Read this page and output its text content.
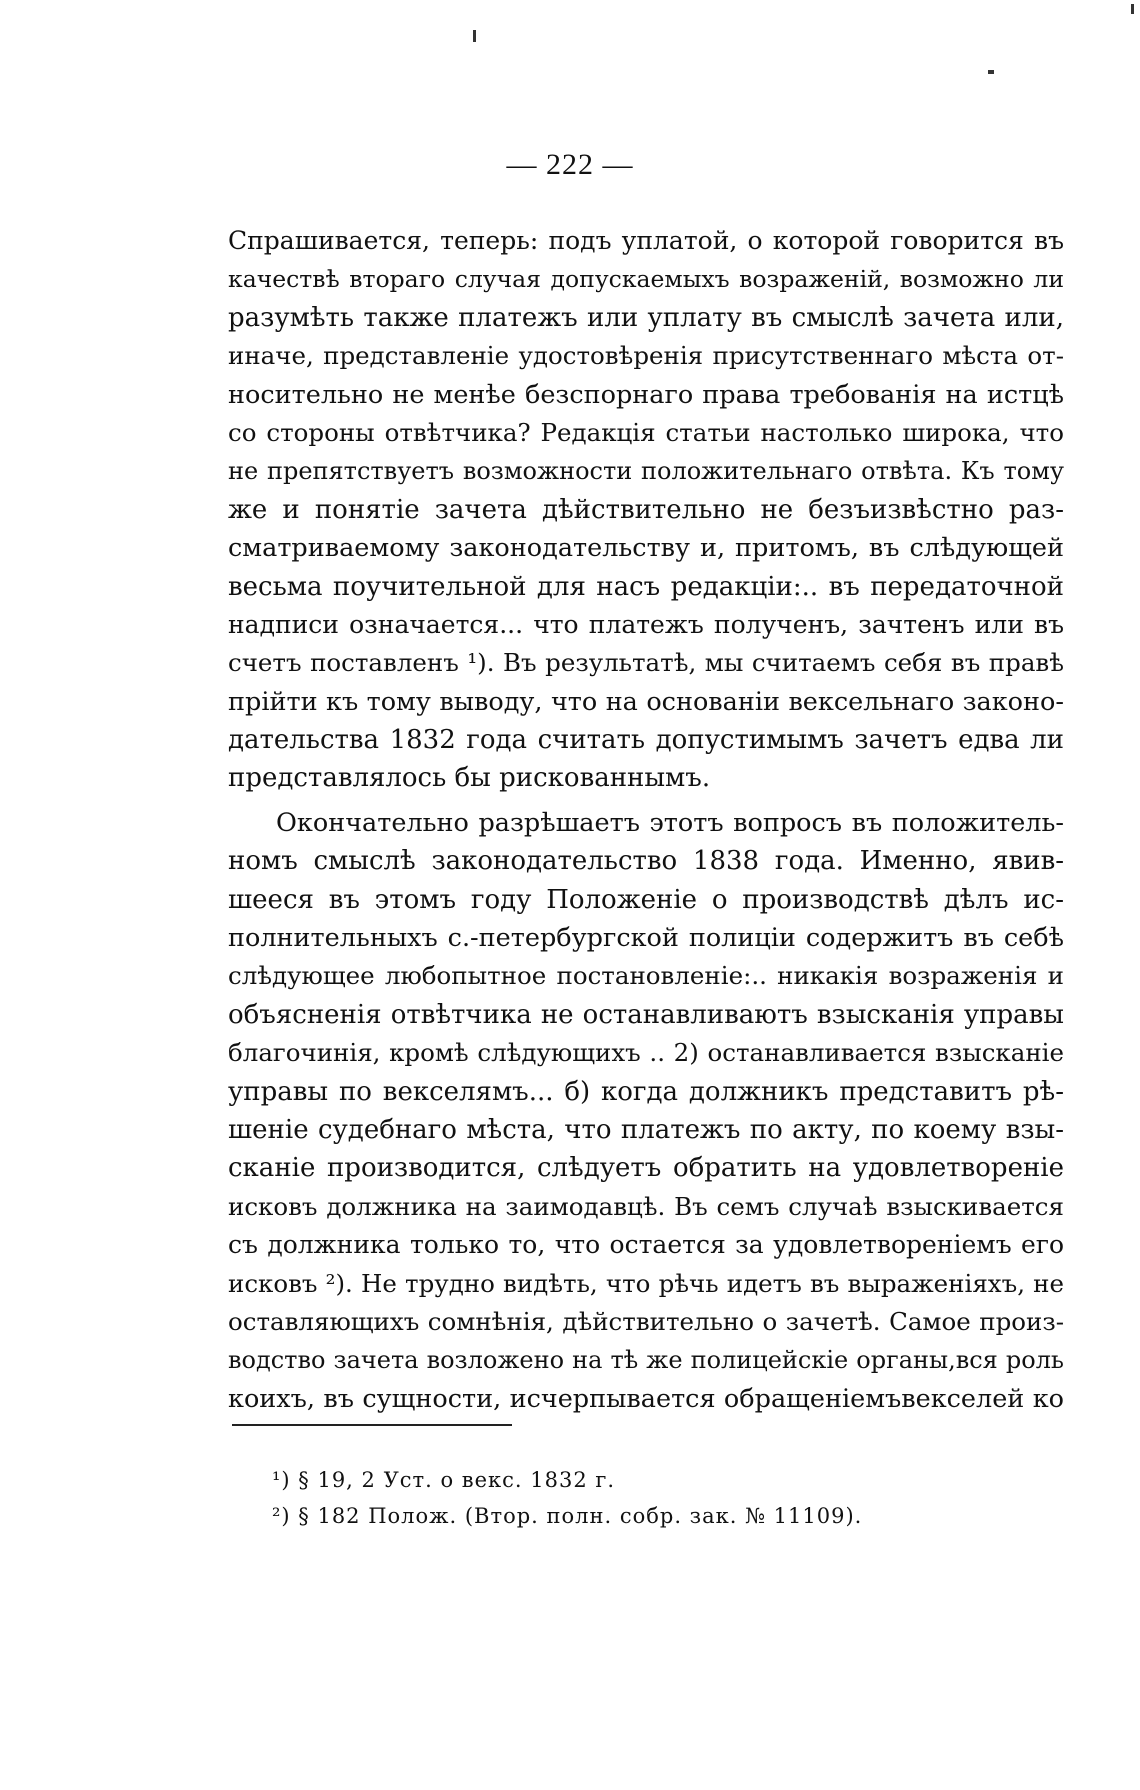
— 222 —
Спрашивается, теперь: подъ уплатой, о которой говорится въ
качествѣ втораго случая допускаемыхъ возраженій, возможно ли
разумѣть также платежъ или уплату въ смыслѣ зачета или,
иначе, представленіе удостовѣренія присутственнаго мѣста от-
носительно не менѣе безспорнаго права требованія на истцѣ
со стороны отвѣтчика? Редакція статьи настолько широка, что
не препятствуетъ возможности положительнаго отвѣта. Къ тому
же и понятіе зачета дѣйствительно не безъизвѣстно раз-
сматриваемому законодательству и, притомъ, въ слѣдующей
весьма поучительной для насъ редакціи:.. въ передаточной
надписи означается... что платежъ полученъ, зачтенъ или въ
счетъ поставленъ ¹). Въ результатѣ, мы считаемъ себя въ правѣ
прійти къ тому выводу, что на основаніи вексельнаго законо-
дательства 1832 года считать допустимымъ зачетъ едва ли
представлялось бы рискованнымъ.
Окончательно разрѣшаетъ этотъ вопросъ въ положитель-
номъ смыслѣ законодательство 1838 года. Именно, явив-
шееся въ этомъ году Положеніе о производствѣ дѣлъ ис-
полнительныхъ с.-петербургской полиціи содержитъ въ себѣ
слѣдующее любопытное постановленіе:.. никакія возраженія и
объясненія отвѣтчика не останавливаютъ взысканія управы
благочинія, кромѣ слѣдующихъ .. 2) останавливается взысканіе
управы по векселямъ... б) когда должникъ представитъ рѣ-
шеніе судебнаго мѣста, что платежъ по акту, по коему взы-
сканіе производится, слѣдуетъ обратить на удовлетвореніе
исковъ должника на заимодавцѣ. Въ семъ случаѣ взыскивается
съ должника только то, что остается за удовлетвореніемъ его
исковъ ²). Не трудно видѣть, что рѣчь идетъ въ выраженіяхъ, не
оставляющихъ сомнѣнія, дѣйствительно о зачетѣ. Самое произ-
водство зачета возложено на тѣ же полицейскіе органы,вся роль
коихъ, въ сущности, исчерпывается обращеніемъвекселей ко
¹) § 19, 2 Уст. о векс. 1832 г.
²) § 182 Полож. (Втор. полн. собр. зак. № 11109).
